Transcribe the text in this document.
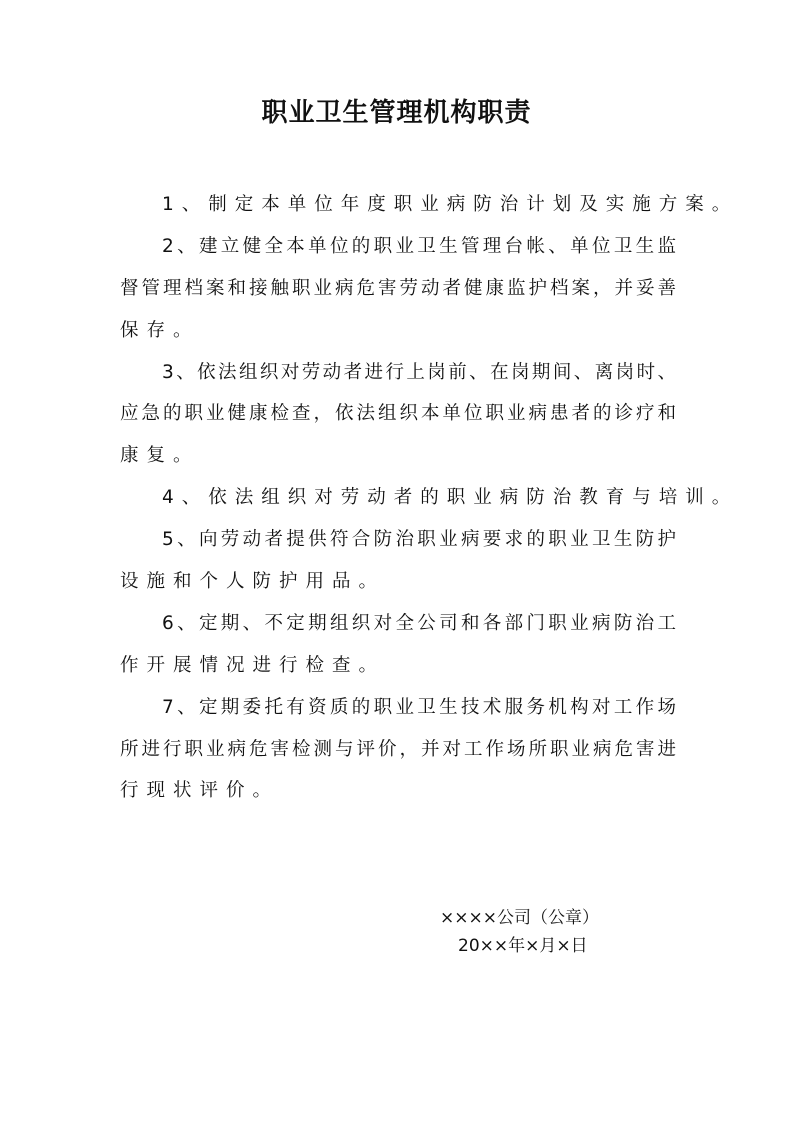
职业卫生管理机构职责
1、制定本单位年度职业病防治计划及实施方案。
2、建立健全本单位的职业卫生管理台帐、单位卫生监
督管理档案和接触职业病危害劳动者健康监护档案，并妥善
保存。
3、依法组织对劳动者进行上岗前、在岗期间、离岗时、
应急的职业健康检查，依法组织本单位职业病患者的诊疗和
康复。
4、依法组织对劳动者的职业病防治教育与培训。
5、向劳动者提供符合防治职业病要求的职业卫生防护
设施和个人防护用品。
6、定期、不定期组织对全公司和各部门职业病防治工
作开展情况进行检查。
7、定期委托有资质的职业卫生技术服务机构对工作场
所进行职业病危害检测与评价，并对工作场所职业病危害进
行现状评价。
××××公司（公章）
20××年×月×日
